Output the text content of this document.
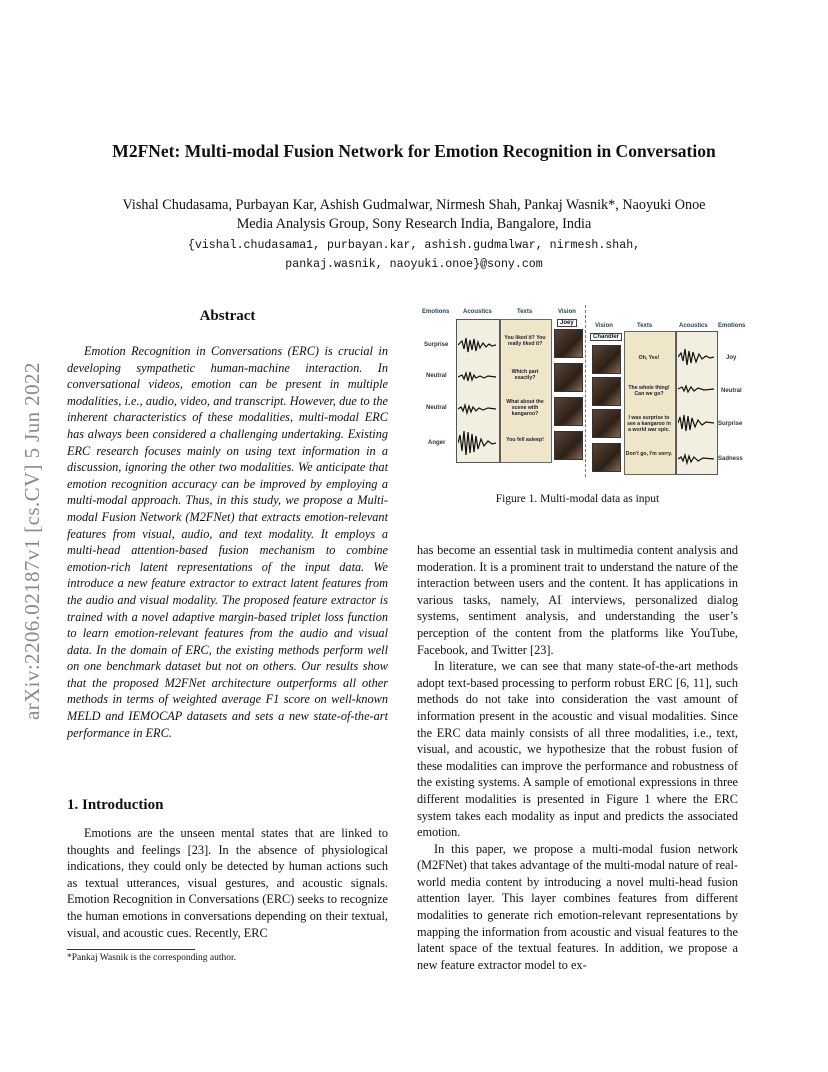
M2FNet: Multi-modal Fusion Network for Emotion Recognition in Conversation
Vishal Chudasama, Purbayan Kar, Ashish Gudmalwar, Nirmesh Shah, Pankaj Wasnik*, Naoyuki Onoe
Media Analysis Group, Sony Research India, Bangalore, India
{vishal.chudasama1, purbayan.kar, ashish.gudmalwar, nirmesh.shah,
pankaj.wasnik, naoyuki.onoe}@sony.com
arXiv:2206.02187v1 [cs.CV] 5 Jun 2022
Abstract

Emotion Recognition in Conversations (ERC) is crucial in developing sympathetic human-machine interaction. In conversational videos, emotion can be present in multiple modalities, i.e., audio, video, and transcript. However, due to the inherent characteristics of these modalities, multi-modal ERC has always been considered a challenging undertaking. Existing ERC research focuses mainly on using text information in a discussion, ignoring the other two modalities. We anticipate that emotion recognition accuracy can be improved by employing a multi-modal approach. Thus, in this study, we propose a Multi-modal Fusion Network (M2FNet) that extracts emotion-relevant features from visual, audio, and text modality. It employs a multi-head attention-based fusion mechanism to combine emotion-rich latent representations of the input data. We introduce a new feature extractor to extract latent features from the audio and visual modality. The proposed feature extractor is trained with a novel adaptive margin-based triplet loss function to learn emotion-relevant features from the audio and visual data. In the domain of ERC, the existing methods perform well on one benchmark dataset but not on others. Our results show that the proposed M2FNet architecture outperforms all other methods in terms of weighted average F1 score on well-known MELD and IEMOCAP datasets and sets a new state-of-the-art performance in ERC.

1. Introduction

Emotions are the unseen mental states that are linked to thoughts and feelings [23]. In the absence of physiological indications, they could only be detected by human actions such as textual utterances, visual gestures, and acoustic signals. Emotion Recognition in Conversations (ERC) seeks to recognize the human emotions in conversations depending on their textual, visual, and acoustic cues. Recently, ERC

*Pankaj Wasnik is the corresponding author.
Emotions Acoustics	Texts	Vision
Vision	Texts	Acoustics Emotions
Joey
Surprise
Neutral
Neutral
Anger
You liked it? You really liked it?
Which part exactly?
What about the scene with kangaroo?
You fell asleep!
Chandler
Oh, Yes!
The whole thing! Can we go?
I was surprise to see a kangaroo in a world war epic.
Don't go, I'm sorry.
Joy
Neutral
Surprise
Sadness
Figure 1. Multi-modal data as input

has become an essential task in multimedia content analysis and moderation. It is a prominent trait to understand the nature of the interaction between users and the content. It has applications in various tasks, namely, AI interviews, personalized dialog systems, sentiment analysis, and understanding the user’s perception of the content from the platforms like YouTube, Facebook, and Twitter [23].

In literature, we can see that many state-of-the-art methods adopt text-based processing to perform robust ERC [6, 11], such methods do not take into consideration the vast amount of information present in the acoustic and visual modalities. Since the ERC data mainly consists of all three modalities, i.e., text, visual, and acoustic, we hypothesize that the robust fusion of these modalities can improve the performance and robustness of the existing systems. A sample of emotional expressions in three different modalities is presented in Figure 1 where the ERC system takes each modality as input and predicts the associated emotion.

In this paper, we propose a multi-modal fusion network (M2FNet) that takes advantage of the multi-modal nature of real-world media content by introducing a novel multi-head fusion attention layer. This layer combines features from different modalities to generate rich emotion-relevant representations by mapping the information from acoustic and visual features to the latent space of the textual features. In addition, we propose a new feature extractor model to ex-
